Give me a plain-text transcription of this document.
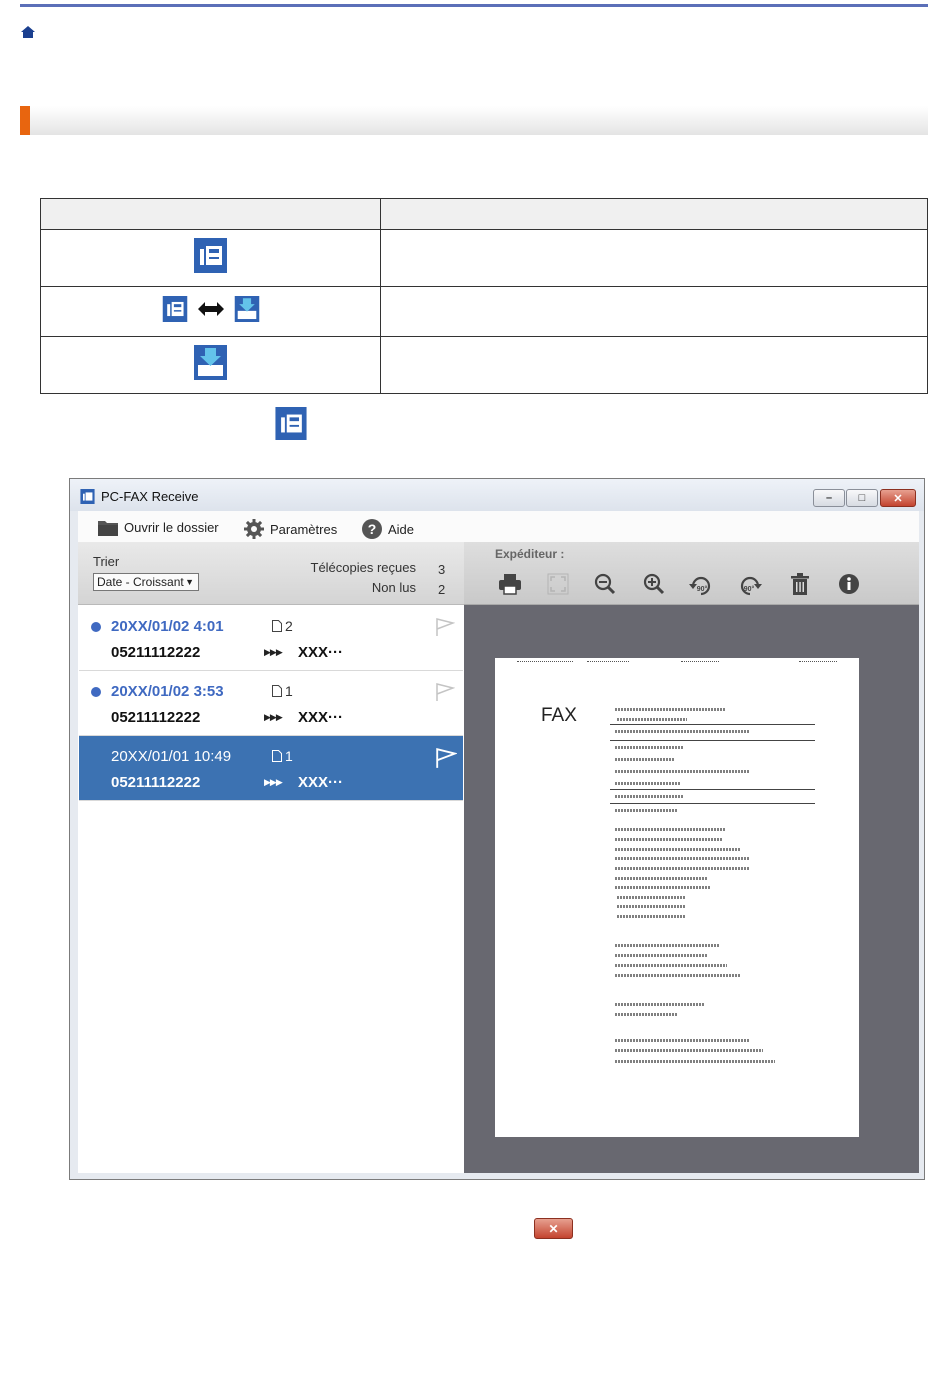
PC-FAX Receive	–	□	✕
Ouvrir le dossier	Paramètres ? Aide
Trier
Date - Croissant ▼
Télécopies reçues 3
Non lus 2
20XX/01/02 4:01	2
05211112222	▶▶▶ XXX···
20XX/01/02 3:53	1
05211112222	▶▶▶ XXX···
20XX/01/01 10:49	1
05211112222	▶▶▶ XXX···
Expéditeur :
90°	90°
FAX
✕
